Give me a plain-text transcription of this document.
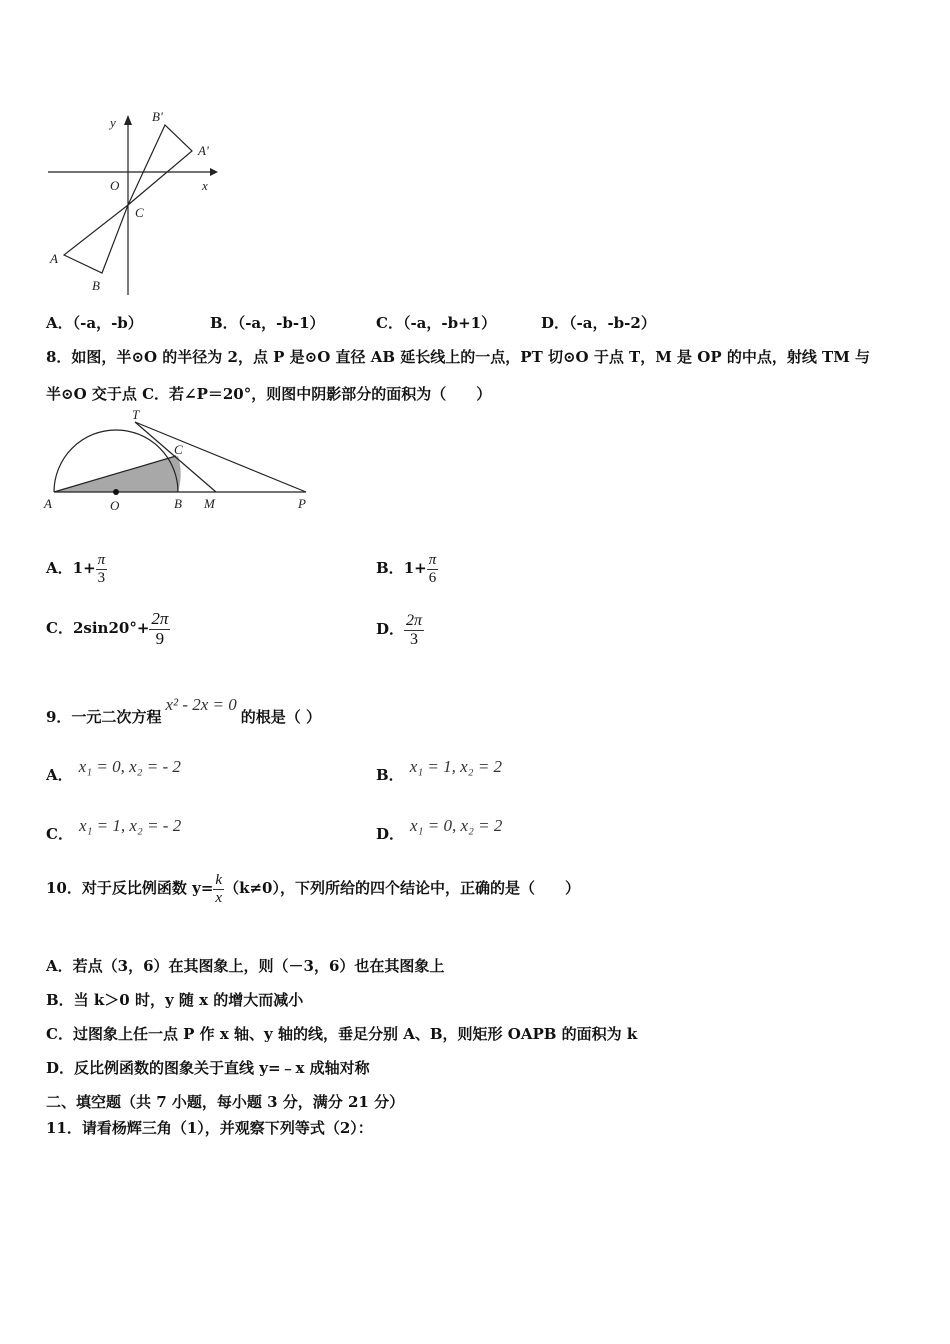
y
x
O
C
A
B
A'
B'
A．（-a，-b）	B．（-a，-b-1）	C．（-a，-b+1）	D．（-a，-b-2）
8．如图，半⊙O 的半径为 2，点 P 是⊙O 直径 AB 延长线上的一点，PT 切⊙O 于点 T，M 是 OP 的中点，射线 TM 与
半⊙O 交于点 C．若∠P＝20°，则图中阴影部分的面积为（　　）
T
C
A	O	B M	P
A．$1+ \frac{\pi}{3}$	B．$1+ \frac{\pi}{6}$
C．$2\sin 20^\circ+ \frac{2\pi}{9}$	D． $\frac{2\pi}{3}$
9．一元二次方程x² - 2x = 0的根是（ ）
A． x₁ = 0, x₂ = - 2	B． x₁ = 1, x₂ = 2
C． x₁ = 1, x₂ = - 2	D． x₁ = 0, x₂ = 2
10．对于反比例函数 $y= \frac{k}{x} (k\ne 0)$，下列所给的四个结论中，正确的是（　　）
A．若点（3，6）在其图象上，则（－3，6）也在其图象上
B．当 k＞0 时，y 随 x 的增大而减小
C．过图象上任一点 P 作 x 轴、y 轴的线，垂足分别 A、B，则矩形 OAPB 的面积为 k
D．反比例函数的图象关于直线 y=﹣x 成轴对称
二、填空题（共 7 小题，每小题 3 分，满分 21 分）
11．请看杨辉三角（1），并观察下列等式（2）：
